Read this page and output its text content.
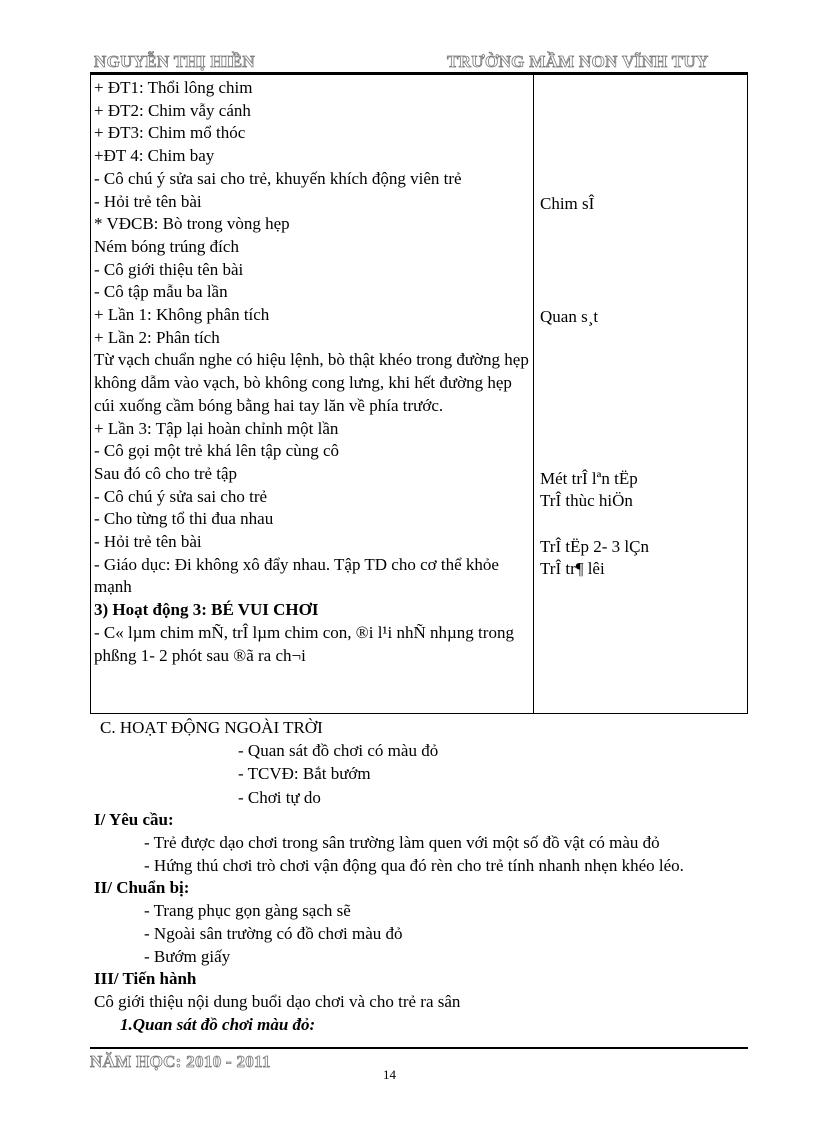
NGUYỄN THỊ HIỀN	TRƯỜNG MẦM NON VĨNH TUY
+ ĐT1: Thổi lông chim
+ ĐT2: Chim vẫy cánh
+ ĐT3: Chim mổ thóc
+ĐT 4: Chim bay
- Cô chú ý sửa sai cho trẻ, khuyến khích động viên trẻ
- Hỏi trẻ tên bài
* VĐCB: Bò trong vòng hẹp
Ném bóng trúng đích
- Cô giới thiệu tên bài
- Cô tập mẫu ba lần
+ Lần 1: Không phân tích
+ Lần 2: Phân tích
Từ vạch chuẩn nghe có hiệu lệnh, bò thật khéo trong đường hẹp không dẫm vào vạch, bò không cong lưng, khi hết đường hẹp cúi xuống cầm bóng bằng hai tay lăn về phía trước.
+ Lần 3: Tập lại hoàn chỉnh một lần
- Cô gọi một trẻ khá lên tập cùng cô
Sau đó cô cho trẻ tập
- Cô chú ý sửa sai cho trẻ
- Cho từng tổ thi đua nhau
- Hỏi trẻ tên bài
- Giáo dục: Đi không xô đẩy nhau. Tập TD cho cơ thể khỏe mạnh
3) Hoạt động 3: BÉ VUI CHƠI
- C« lµm chim mÑ, trÎ lµm chim con, ®i l¹i nhÑ nhµng trong phßng 1- 2 phót sau ®ã ra ch¬i
Chim sÎ
Quan s¸t
Mét trÎ lªn tËp
TrÎ thùc hiÖn
TrÎ tËp 2- 3 lÇn
TrÎ tr¶ lêi
C. HOẠT ĐỘNG NGOÀI TRỜI
- Quan sát đồ chơi có màu đỏ
- TCVĐ: Bắt bướm
- Chơi tự do
I/ Yêu cầu:
- Trẻ được dạo chơi trong sân trường làm quen với một số đồ vật có màu đỏ
- Hứng thú chơi trò chơi vận động qua đó rèn cho trẻ tính nhanh nhẹn khéo léo.
II/ Chuẩn bị:
- Trang phục gọn gàng sạch sẽ
- Ngoài sân trường có đồ chơi màu đỏ
- Bướm giấy
III/ Tiến hành
Cô giới thiệu nội dung buổi dạo chơi và cho trẻ ra sân
1.Quan sát đồ chơi màu đỏ:
NĂM HỌC: 2010 - 2011
14
